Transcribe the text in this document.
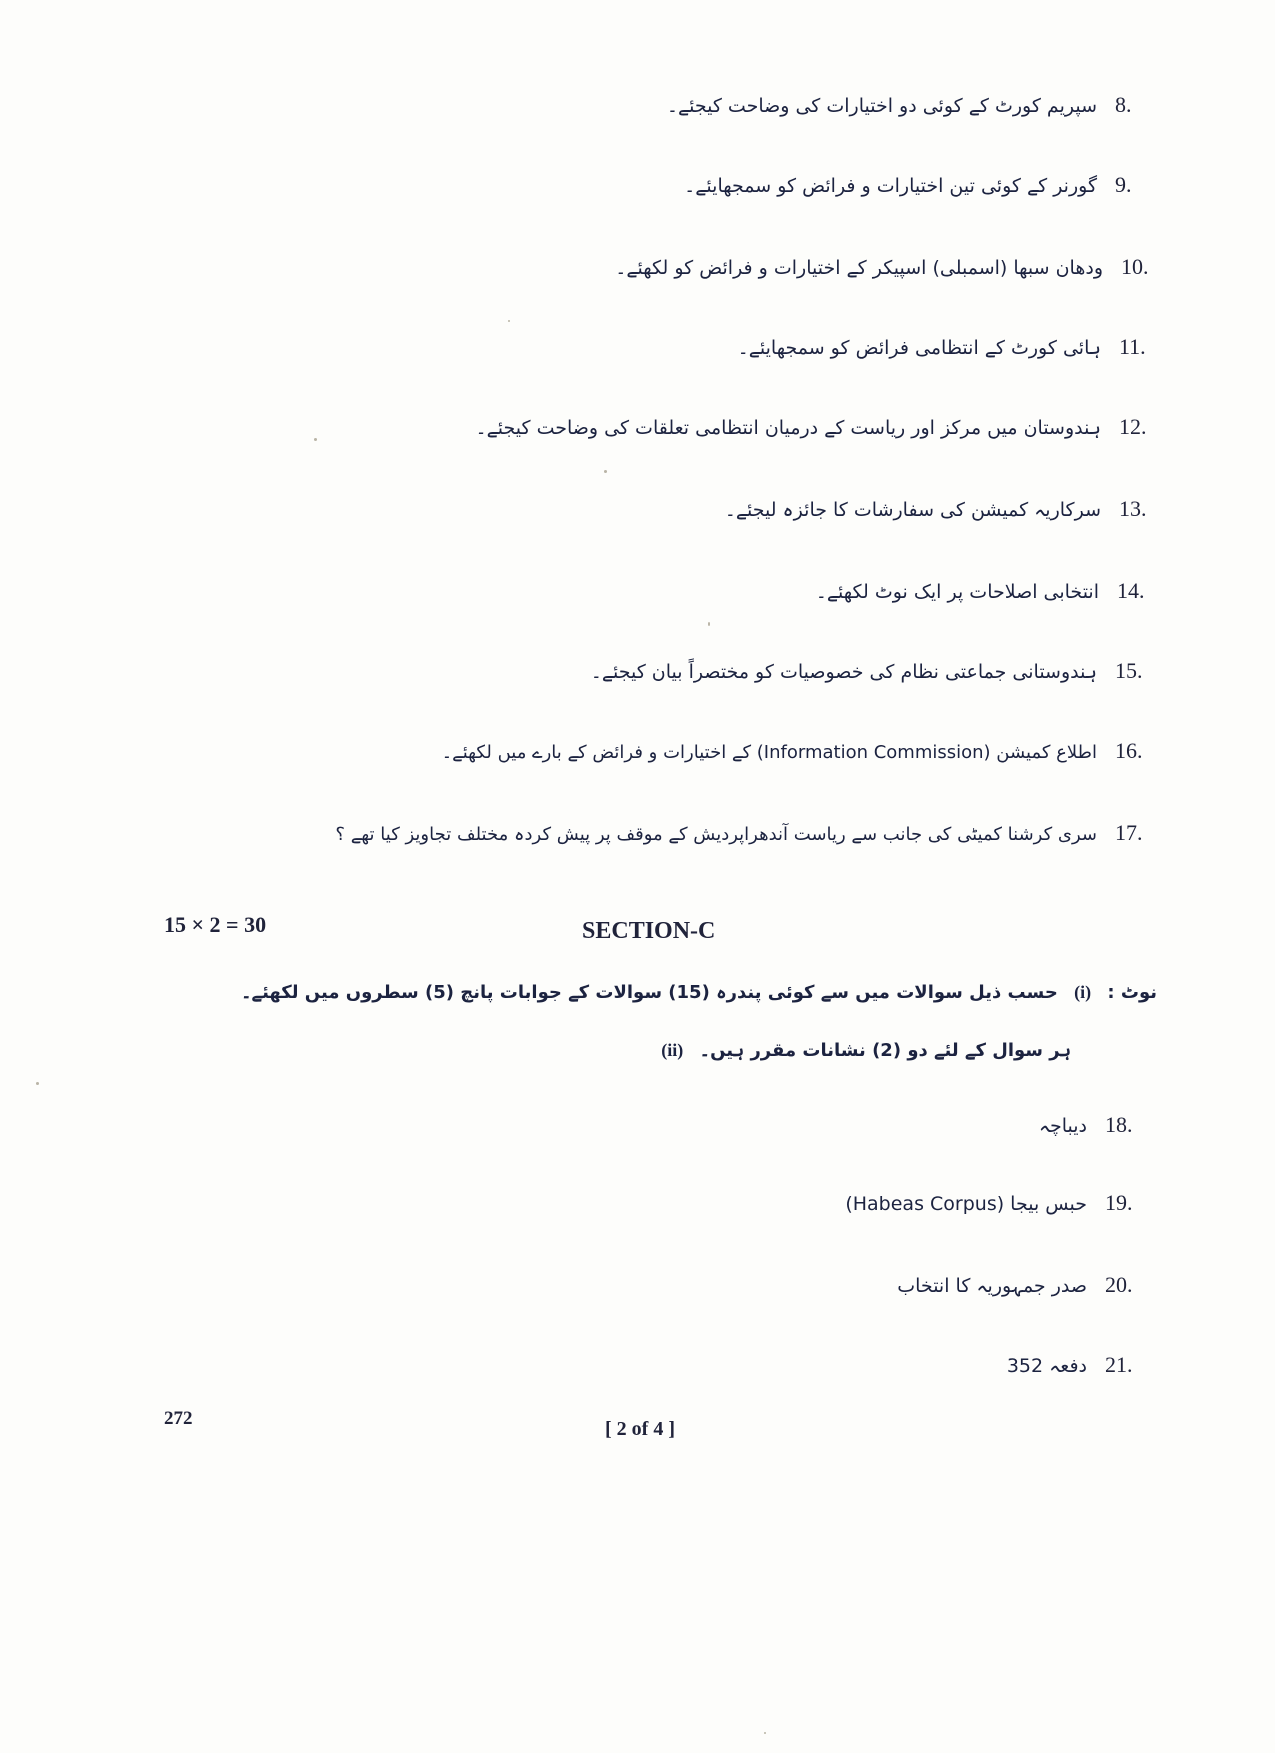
8.
سپریم کورٹ کے کوئی دو اختیارات کی وضاحت کیجئے۔
9.
گورنر کے کوئی تین اختیارات و فرائض کو سمجھایئے۔
10.
ودھان سبھا (اسمبلی) اسپیکر کے اختیارات و فرائض کو لکھئے۔
11.
ہائی کورٹ کے انتظامی فرائض کو سمجھایئے۔
12.
ہندوستان میں مرکز اور ریاست کے درمیان انتظامی تعلقات کی وضاحت کیجئے۔
13.
سرکاریہ کمیشن کی سفارشات کا جائزہ لیجئے۔
14.
انتخابی اصلاحات پر ایک نوٹ لکھئے۔
15.
ہندوستانی جماعتی نظام کی خصوصیات کو مختصراً بیان کیجئے۔
16.
اطلاع کمیشن (Information Commission) کے اختیارات و فرائض کے بارے میں لکھئے۔
17.
سری کرشنا کمیٹی کی جانب سے ریاست آندھراپردیش کے موقف پر پیش کردہ مختلف تجاویز کیا تھے ؟
15 × 2 = 30	SECTION-C
نوٹ : (i) حسب ذیل سوالات میں سے کوئی پندرہ (15) سوالات کے جوابات پانچ (5) سطروں میں لکھئے۔
(ii) ہر سوال کے لئے دو (2) نشانات مقرر ہیں۔
18.
دیباچہ
19.
حبس بیجا (Habeas Corpus)
20.
صدر جمہوریہ کا انتخاب
21.
دفعہ 352
272	[ 2 of 4 ]
